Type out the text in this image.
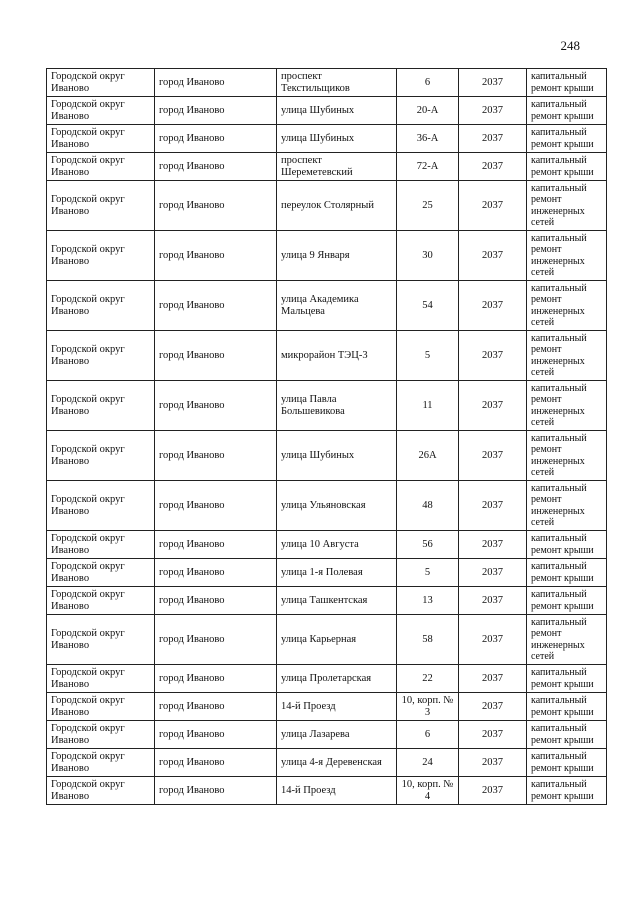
248
Городской округ Иваново	город Иваново	проспект Текстильщиков	6	2037	капитальный ремонт крыши
Городской округ Иваново	город Иваново	улица Шубиных	20-А	2037	капитальный ремонт крыши
Городской округ Иваново	город Иваново	улица Шубиных	36-А	2037	капитальный ремонт крыши
Городской округ Иваново	город Иваново	проспект Шереметевский	72-А	2037	капитальный ремонт крыши
Городской округ Иваново	город Иваново	переулок Столярный	25	2037	капитальный ремонт инженерных сетей
Городской округ Иваново	город Иваново	улица 9 Января	30	2037	капитальный ремонт инженерных сетей
Городской округ Иваново	город Иваново	улица Академика Мальцева	54	2037	капитальный ремонт инженерных сетей
Городской округ Иваново	город Иваново	микрорайон ТЭЦ-3	5	2037	капитальный ремонт инженерных сетей
Городской округ Иваново	город Иваново	улица Павла Большевикова	11	2037	капитальный ремонт инженерных сетей
Городской округ Иваново	город Иваново	улица Шубиных	26А	2037	капитальный ремонт инженерных сетей
Городской округ Иваново	город Иваново	улица Ульяновская	48	2037	капитальный ремонт инженерных сетей
Городской округ Иваново	город Иваново	улица 10 Августа	56	2037	капитальный ремонт крыши
Городской округ Иваново	город Иваново	улица 1-я Полевая	5	2037	капитальный ремонт крыши
Городской округ Иваново	город Иваново	улица Ташкентская	13	2037	капитальный ремонт крыши
Городской округ Иваново	город Иваново	улица Карьерная	58	2037	капитальный ремонт инженерных сетей
Городской округ Иваново	город Иваново	улица Пролетарская	22	2037	капитальный ремонт крыши
Городской округ Иваново	город Иваново	14-й Проезд	10, корп. № 3	2037	капитальный ремонт крыши
Городской округ Иваново	город Иваново	улица Лазарева	6	2037	капитальный ремонт крыши
Городской округ Иваново	город Иваново	улица 4-я Деревенская	24	2037	капитальный ремонт крыши
Городской округ Иваново	город Иваново	14-й Проезд	10, корп. № 4	2037	капитальный ремонт крыши
